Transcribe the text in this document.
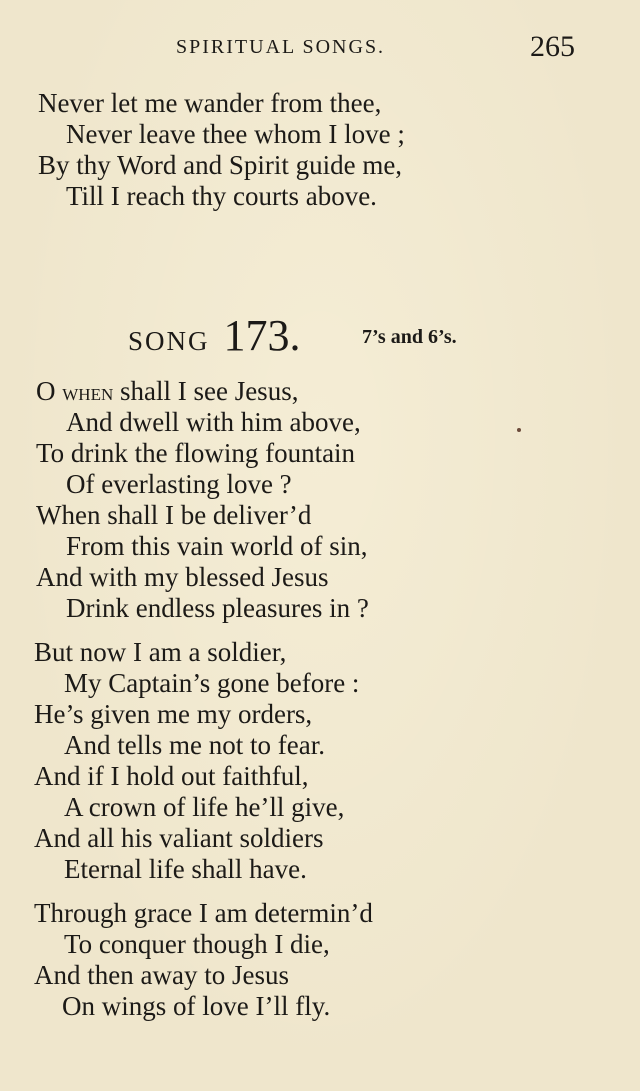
SPIRITUAL SONGS.	265
Never let me wander from thee,
Never leave thee whom I love ;
By thy Word and Spirit guide me,
Till I reach thy courts above.
SONG 173.	7’s and 6’s.
O when shall I see Jesus,
And dwell with him above,
To drink the flowing fountain
Of everlasting love ?
When shall I be deliver’d
From this vain world of sin,
And with my blessed Jesus
Drink endless pleasures in ?
But now I am a soldier,
My Captain’s gone before :
He’s given me my orders,
And tells me not to fear.
And if I hold out faithful,
A crown of life he’ll give,
And all his valiant soldiers
Eternal life shall have.
Through grace I am determin’d
To conquer though I die,
And then away to Jesus
On wings of love I’ll fly.
